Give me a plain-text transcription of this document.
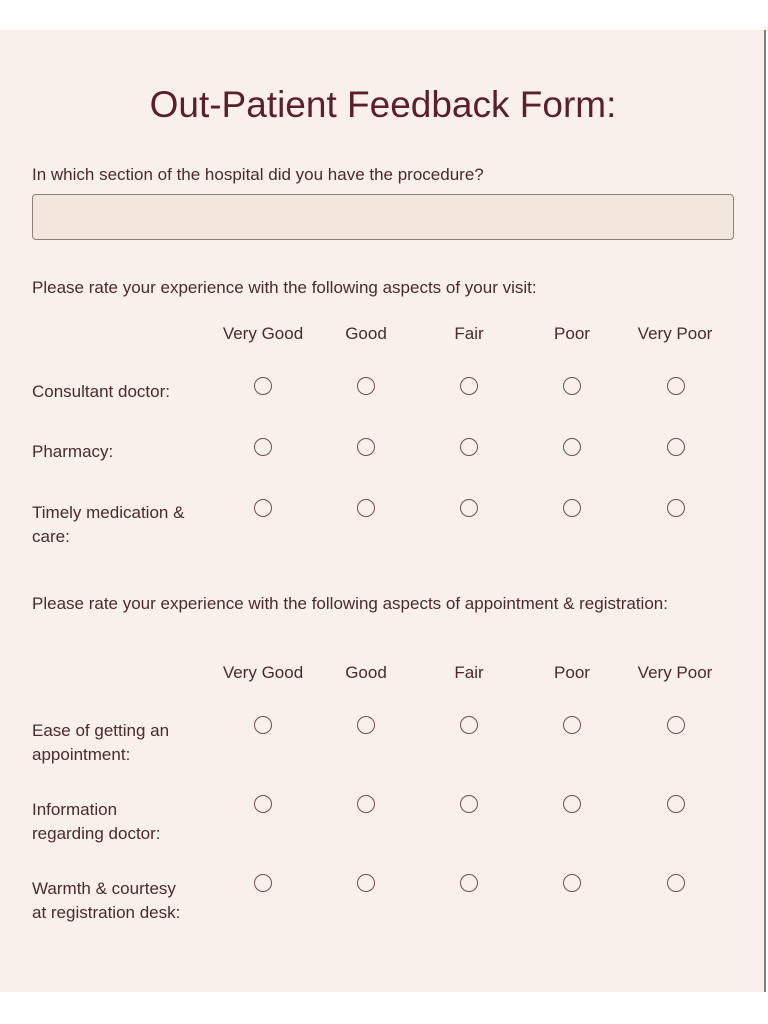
Out-Patient Feedback Form:

In which section of the hospital did you have the procedure?

Please rate your experience with the following aspects of your visit:

Very Good	Good	Fair	Poor	Very Poor
Consultant doctor:
Pharmacy:
Timely medication & care:

Please rate your experience with the following aspects of appointment & registration:

Very Good	Good	Fair	Poor	Very Poor
Ease of getting an appointment:
Information regarding doctor:
Warmth & courtesy at registration desk:
